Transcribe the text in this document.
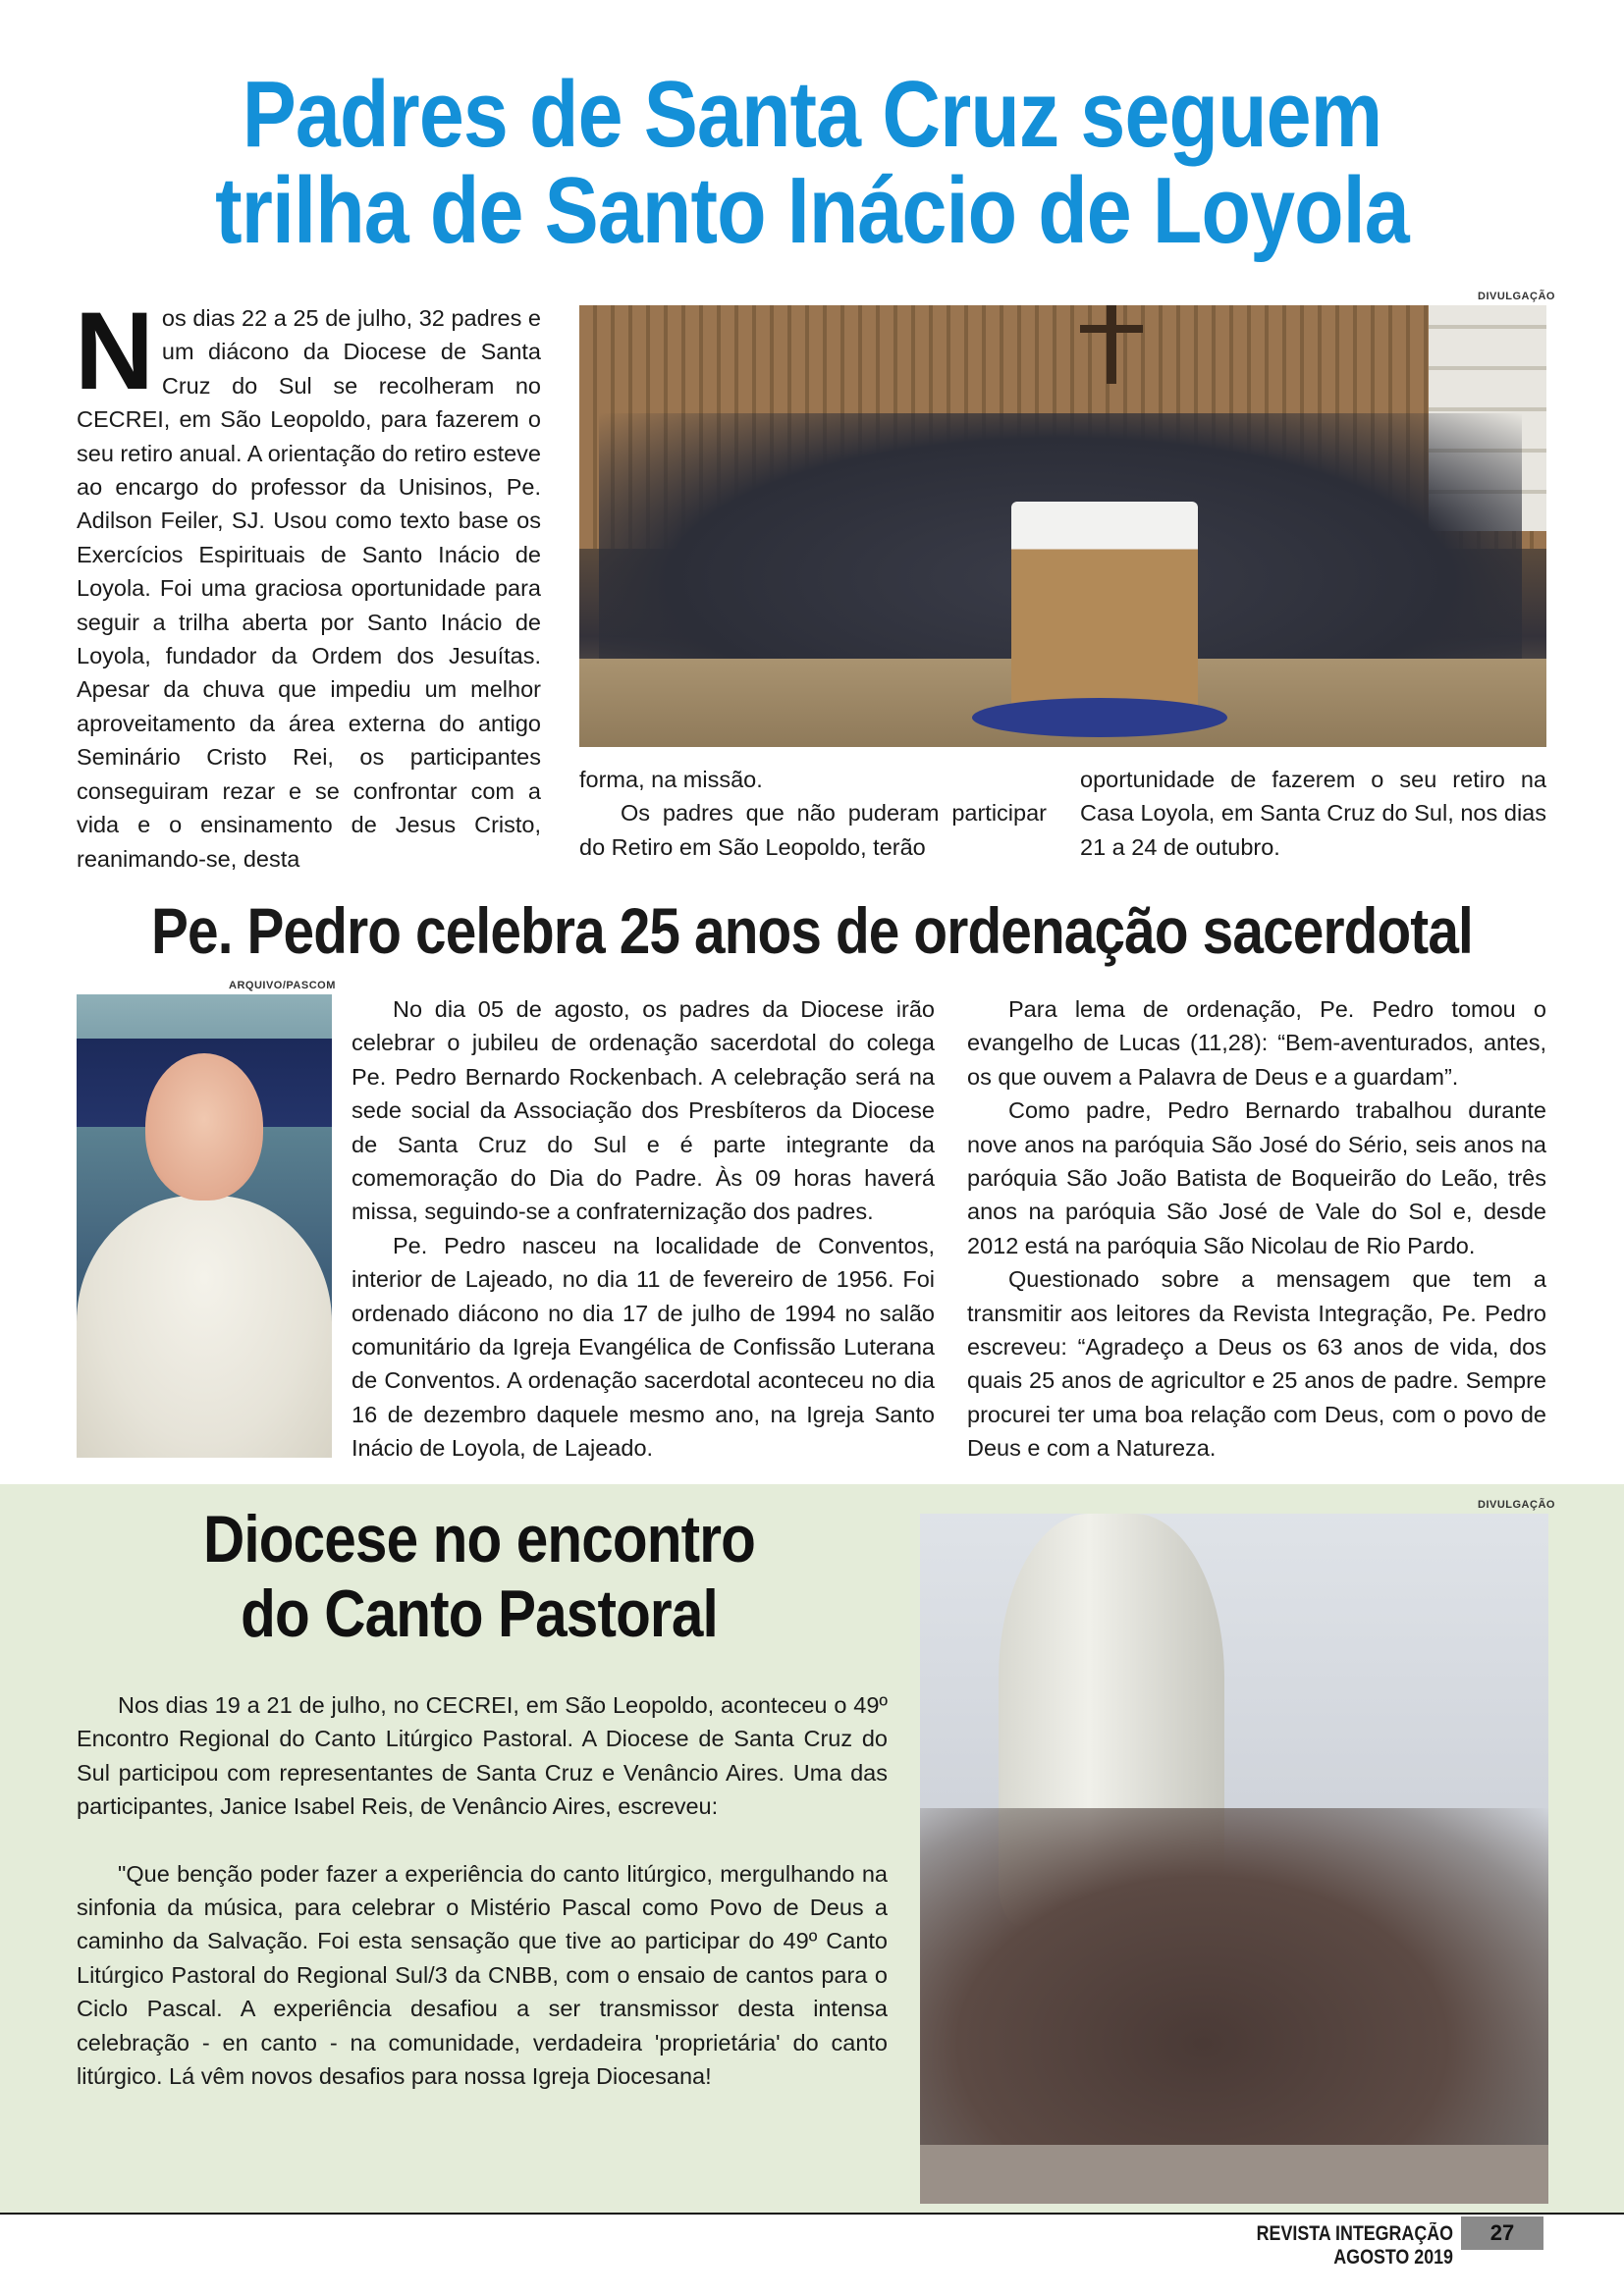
Padres de Santa Cruz seguem
trilha de Santo Inácio de Loyola
DIVULGAÇÃO

Nos dias 22 a 25 de julho, 32 padres e um diácono da Diocese de Santa Cruz do Sul se recolheram no CECREI, em São Leopoldo, para fazerem o seu retiro anual. A orientação do retiro esteve ao encargo do professor da Unisinos, Pe. Adilson Feiler, SJ. Usou como texto base os Exercícios Espirituais de Santo Inácio de Loyola. Foi uma graciosa oportunidade para seguir a trilha aberta por Santo Inácio de Loyola, fundador da Ordem dos Jesuítas. Apesar da chuva que impediu um melhor aproveitamento da área externa do antigo Seminário Cristo Rei, os participantes conseguiram rezar e se confrontar com a vida e o ensinamento de Jesus Cristo, reanimando-se, desta

forma, na missão.

Os padres que não puderam participar do Retiro em São Leopoldo, terão

oportunidade de fazerem o seu retiro na Casa Loyola, em Santa Cruz do Sul, nos dias 21 a 24 de outubro.

Pe. Pedro celebra 25 anos de ordenação sacerdotal
ARQUIVO/PASCOM

No dia 05 de agosto, os padres da Diocese irão celebrar o jubileu de ordenação sacerdotal do colega Pe. Pedro Bernardo Rockenbach. A celebração será na sede social da Associação dos Presbíteros da Diocese de Santa Cruz do Sul e é parte integrante da comemoração do Dia do Padre. Às 09 horas haverá missa, seguindo-se a confraternização dos padres.

Pe. Pedro nasceu na localidade de Conventos, interior de Lajeado, no dia 11 de fevereiro de 1956. Foi ordenado diácono no dia 17 de julho de 1994 no salão comunitário da Igreja Evangélica de Confissão Luterana de Conventos. A ordenação sacerdotal aconteceu no dia 16 de dezembro daquele mesmo ano, na Igreja Santo Inácio de Loyola, de Lajeado.

Para lema de ordenação, Pe. Pedro tomou o evangelho de Lucas (11,28): “Bem-aventurados, antes, os que ouvem a Palavra de Deus e a guardam”.

Como padre, Pedro Bernardo trabalhou durante nove anos na paróquia São José do Sério, seis anos na paróquia São João Batista de Boqueirão do Leão, três anos na paróquia São José de Vale do Sol e, desde 2012 está na paróquia São Nicolau de Rio Pardo.

Questionado sobre a mensagem que tem a transmitir aos leitores da Revista Integração, Pe. Pedro escreveu: “Agradeço a Deus os 63 anos de vida, dos quais 25 anos de agricultor e 25 anos de padre. Sempre procurei ter uma boa relação com Deus, com o povo de Deus e com a Natureza.

Diocese no encontro
do Canto Pastoral
DIVULGAÇÃO

Nos dias 19 a 21 de julho, no CECREI, em São Leopoldo, aconteceu o 49º Encontro Regional do Canto Litúrgico Pastoral. A Diocese de Santa Cruz do Sul participou com representantes de Santa Cruz e Venâncio Aires. Uma das participantes, Janice Isabel Reis, de Venâncio Aires, escreveu:

"Que benção poder fazer a experiência do canto litúrgico, mergulhando na sinfonia da música, para celebrar o Mistério Pascal como Povo de Deus a caminho da Salvação. Foi esta sensação que tive ao participar do 49º Canto Litúrgico Pastoral do Regional Sul/3 da CNBB, com o ensaio de cantos para o Ciclo Pascal. A experiência desafiou a ser transmissor desta intensa celebração - en canto - na comunidade, verdadeira 'proprietária' do canto litúrgico. Lá vêm novos desafios para nossa Igreja Diocesana!

REVISTA INTEGRAÇÃO AGOSTO 2019
27
